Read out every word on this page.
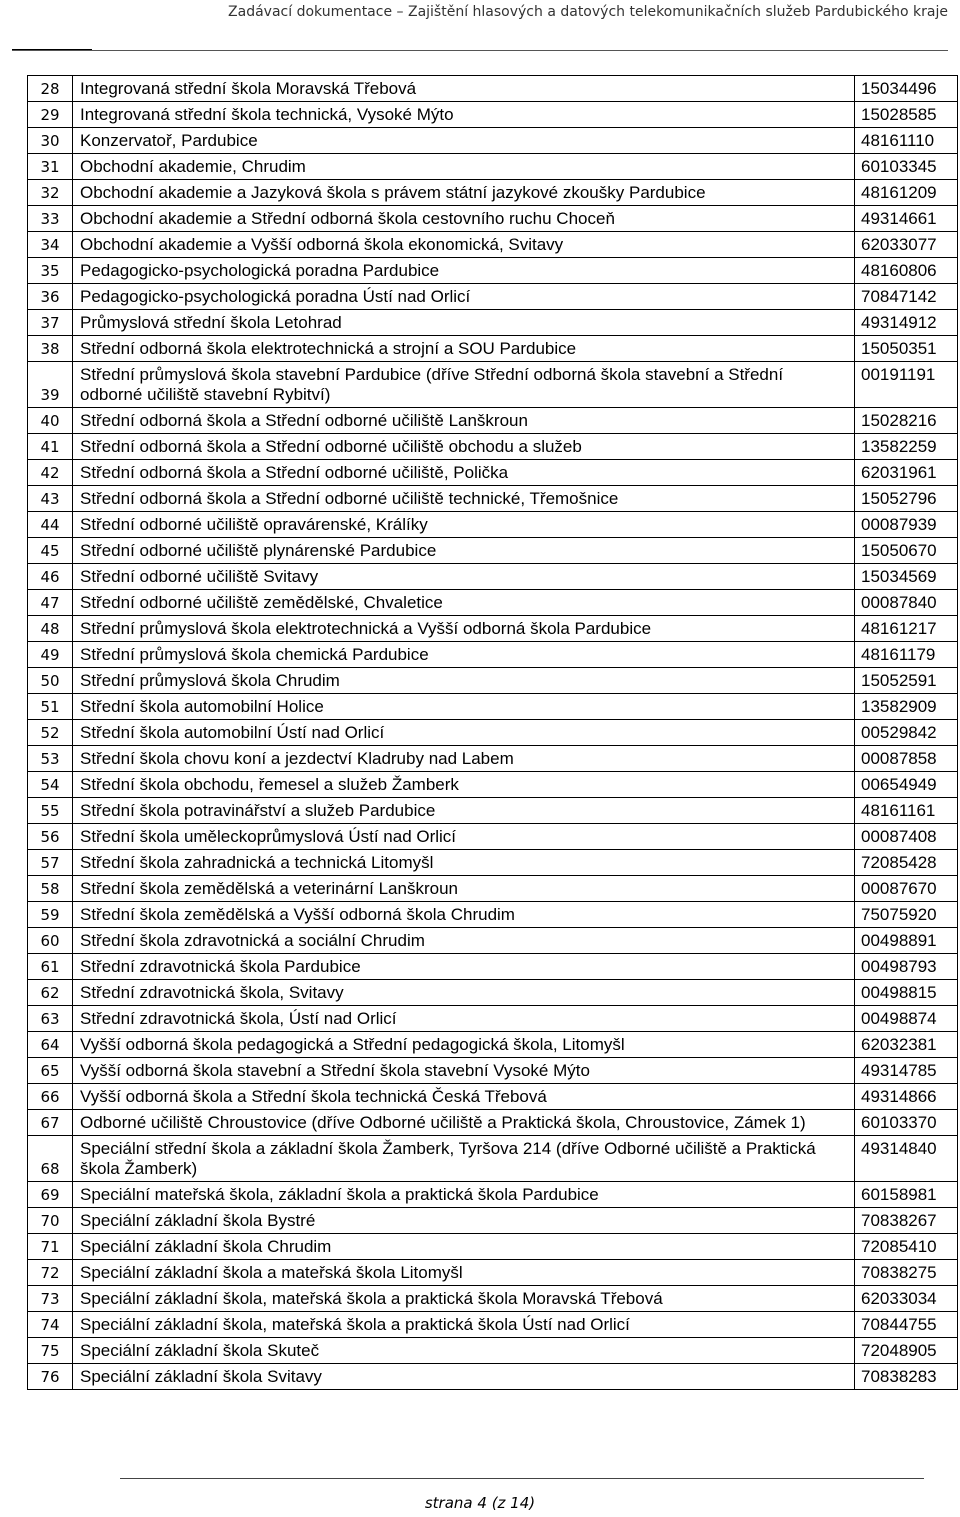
Zadávací dokumentace – Zajištění hlasových a datových telekomunikačních služeb Pardubického kraje
28	Integrovaná střední škola Moravská Třebová	15034496
29	Integrovaná střední škola technická, Vysoké Mýto	15028585
30	Konzervatoř, Pardubice	48161110
31	Obchodní akademie, Chrudim	60103345
32	Obchodní akademie a Jazyková škola s právem státní jazykové zkoušky Pardubice	48161209
33	Obchodní akademie a Střední odborná škola cestovního ruchu Choceň	49314661
34	Obchodní akademie a Vyšší odborná škola ekonomická, Svitavy	62033077
35	Pedagogicko-psychologická poradna Pardubice	48160806
36	Pedagogicko-psychologická poradna Ústí nad Orlicí	70847142
37	Průmyslová střední škola Letohrad	49314912
38	Střední odborná škola elektrotechnická a strojní a SOU Pardubice	15050351
39	Střední průmyslová škola stavební Pardubice (dříve Střední odborná škola stavební a Střední odborné učiliště stavební Rybitví)	00191191
40	Střední odborná škola a Střední odborné učiliště Lanškroun	15028216
41	Střední odborná škola a Střední odborné učiliště obchodu a služeb	13582259
42	Střední odborná škola a Střední odborné učiliště, Polička	62031961
43	Střední odborná škola a Střední odborné učiliště technické, Třemošnice	15052796
44	Střední odborné učiliště opravárenské, Králíky	00087939
45	Střední odborné učiliště plynárenské Pardubice	15050670
46	Střední odborné učiliště Svitavy	15034569
47	Střední odborné učiliště zemědělské, Chvaletice	00087840
48	Střední průmyslová škola elektrotechnická a Vyšší odborná škola Pardubice	48161217
49	Střední průmyslová škola chemická Pardubice	48161179
50	Střední průmyslová škola Chrudim	15052591
51	Střední škola automobilní Holice	13582909
52	Střední škola automobilní Ústí nad Orlicí	00529842
53	Střední škola chovu koní a jezdectví Kladruby nad Labem	00087858
54	Střední škola obchodu, řemesel a služeb Žamberk	00654949
55	Střední škola potravinářství a služeb Pardubice	48161161
56	Střední škola uměleckoprůmyslová Ústí nad Orlicí	00087408
57	Střední škola zahradnická a technická Litomyšl	72085428
58	Střední škola zemědělská a veterinární Lanškroun	00087670
59	Střední škola zemědělská a Vyšší odborná škola Chrudim	75075920
60	Střední škola zdravotnická a sociální Chrudim	00498891
61	Střední zdravotnická škola Pardubice	00498793
62	Střední zdravotnická škola, Svitavy	00498815
63	Střední zdravotnická škola, Ústí nad Orlicí	00498874
64	Vyšší odborná škola pedagogická a Střední pedagogická škola, Litomyšl	62032381
65	Vyšší odborná škola stavební a Střední škola stavební Vysoké Mýto	49314785
66	Vyšší odborná škola a Střední škola technická Česká Třebová	49314866
67	Odborné učiliště Chroustovice (dříve Odborné učiliště a Praktická škola, Chroustovice, Zámek 1)	60103370
68	Speciální střední škola a základní škola Žamberk, Tyršova 214 (dříve Odborné učiliště a Praktická škola Žamberk)	49314840
69	Speciální mateřská škola, základní škola a praktická škola Pardubice	60158981
70	Speciální základní škola Bystré	70838267
71	Speciální základní škola Chrudim	72085410
72	Speciální základní škola a mateřská škola Litomyšl	70838275
73	Speciální základní škola, mateřská škola a praktická škola Moravská Třebová	62033034
74	Speciální základní škola, mateřská škola a praktická škola Ústí nad Orlicí	70844755
75	Speciální základní škola Skuteč	72048905
76	Speciální základní škola Svitavy	70838283
strana 4 (z 14)
